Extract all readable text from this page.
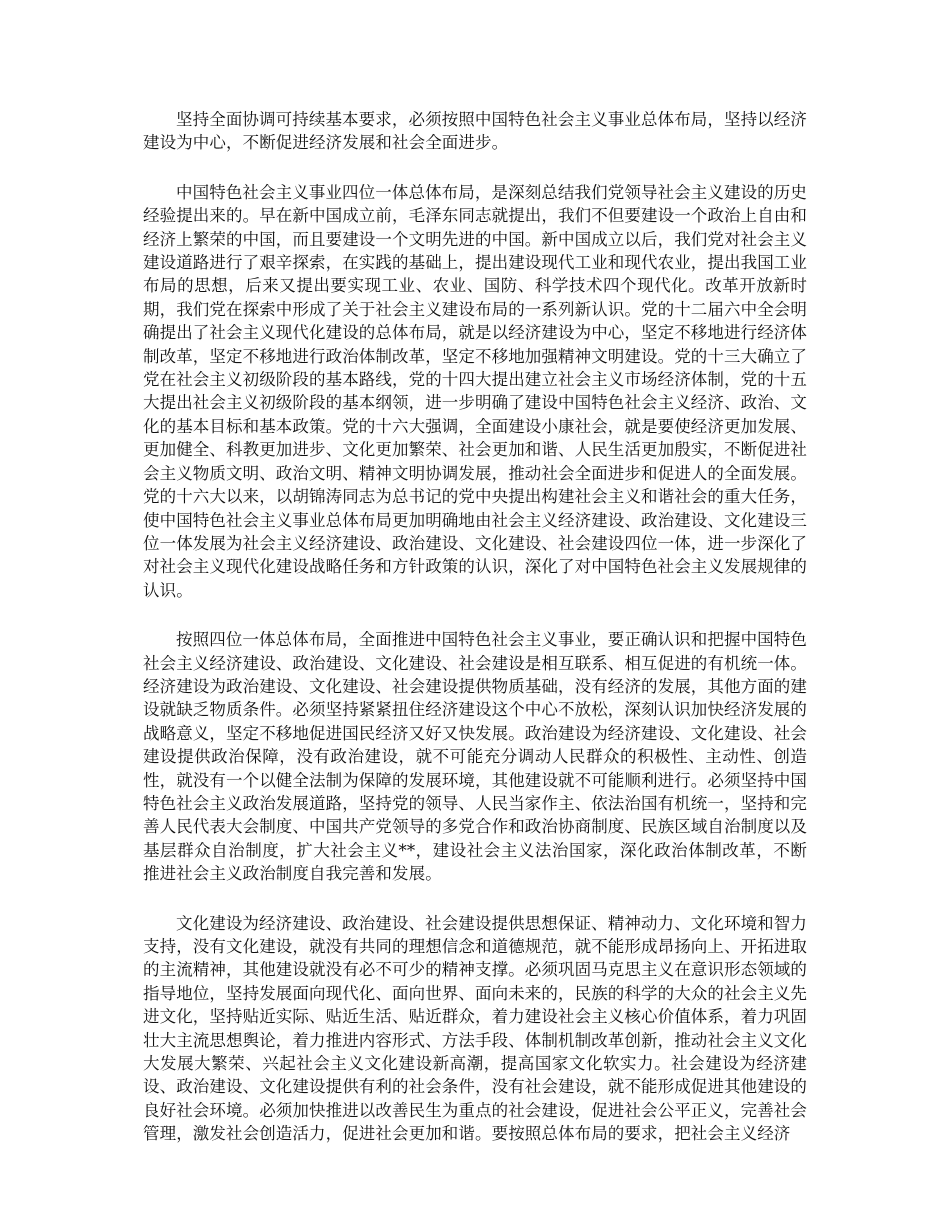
坚持全面协调可持续基本要求，必须按照中国特色社会主义事业总体布局，坚持以经济建设为中心，不断促进经济发展和社会全面进步。

中国特色社会主义事业四位一体总体布局，是深刻总结我们党领导社会主义建设的历史经验提出来的。早在新中国成立前，毛泽东同志就提出，我们不但要建设一个政治上自由和经济上繁荣的中国，而且要建设一个文明先进的中国。新中国成立以后，我们党对社会主义建设道路进行了艰辛探索，在实践的基础上，提出建设现代工业和现代农业，提出我国工业布局的思想，后来又提出要实现工业、农业、国防、科学技术四个现代化。改革开放新时期，我们党在探索中形成了关于社会主义建设布局的一系列新认识。党的十二届六中全会明确提出了社会主义现代化建设的总体布局，就是以经济建设为中心，坚定不移地进行经济体制改革，坚定不移地进行政治体制改革，坚定不移地加强精神文明建设。党的十三大确立了党在社会主义初级阶段的基本路线，党的十四大提出建立社会主义市场经济体制，党的十五大提出社会主义初级阶段的基本纲领，进一步明确了建设中国特色社会主义经济、政治、文化的基本目标和基本政策。党的十六大强调，全面建设小康社会，就是要使经济更加发展、更加健全、科教更加进步、文化更加繁荣、社会更加和谐、人民生活更加殷实，不断促进社会主义物质文明、政治文明、精神文明协调发展，推动社会全面进步和促进人的全面发展。党的十六大以来，以胡锦涛同志为总书记的党中央提出构建社会主义和谐社会的重大任务，使中国特色社会主义事业总体布局更加明确地由社会主义经济建设、政治建设、文化建设三位一体发展为社会主义经济建设、政治建设、文化建设、社会建设四位一体，进一步深化了对社会主义现代化建设战略任务和方针政策的认识，深化了对中国特色社会主义发展规律的认识。

按照四位一体总体布局，全面推进中国特色社会主义事业，要正确认识和把握中国特色社会主义经济建设、政治建设、文化建设、社会建设是相互联系、相互促进的有机统一体。经济建设为政治建设、文化建设、社会建设提供物质基础，没有经济的发展，其他方面的建设就缺乏物质条件。必须坚持紧紧扭住经济建设这个中心不放松，深刻认识加快经济发展的战略意义，坚定不移地促进国民经济又好又快发展。政治建设为经济建设、文化建设、社会建设提供政治保障，没有政治建设，就不可能充分调动人民群众的积极性、主动性、创造性，就没有一个以健全法制为保障的发展环境，其他建设就不可能顺利进行。必须坚持中国特色社会主义政治发展道路，坚持党的领导、人民当家作主、依法治国有机统一，坚持和完善人民代表大会制度、中国共产党领导的多党合作和政治协商制度、民族区域自治制度以及基层群众自治制度，扩大社会主义**，建设社会主义法治国家，深化政治体制改革，不断推进社会主义政治制度自我完善和发展。

文化建设为经济建设、政治建设、社会建设提供思想保证、精神动力、文化环境和智力支持，没有文化建设，就没有共同的理想信念和道德规范，就不能形成昂扬向上、开拓进取的主流精神，其他建设就没有必不可少的精神支撑。必须巩固马克思主义在意识形态领域的指导地位，坚持发展面向现代化、面向世界、面向未来的，民族的科学的大众的社会主义先进文化，坚持贴近实际、贴近生活、贴近群众，着力建设社会主义核心价值体系，着力巩固壮大主流思想舆论，着力推进内容形式、方法手段、体制机制改革创新，推动社会主义文化大发展大繁荣、兴起社会主义文化建设新高潮，提高国家文化软实力。社会建设为经济建设、政治建设、文化建设提供有利的社会条件，没有社会建设，就不能形成促进其他建设的良好社会环境。必须加快推进以改善民生为重点的社会建设，促进社会公平正义，完善社会管理，激发社会创造活力，促进社会更加和谐。要按照总体布局的要求，把社会主义经济
